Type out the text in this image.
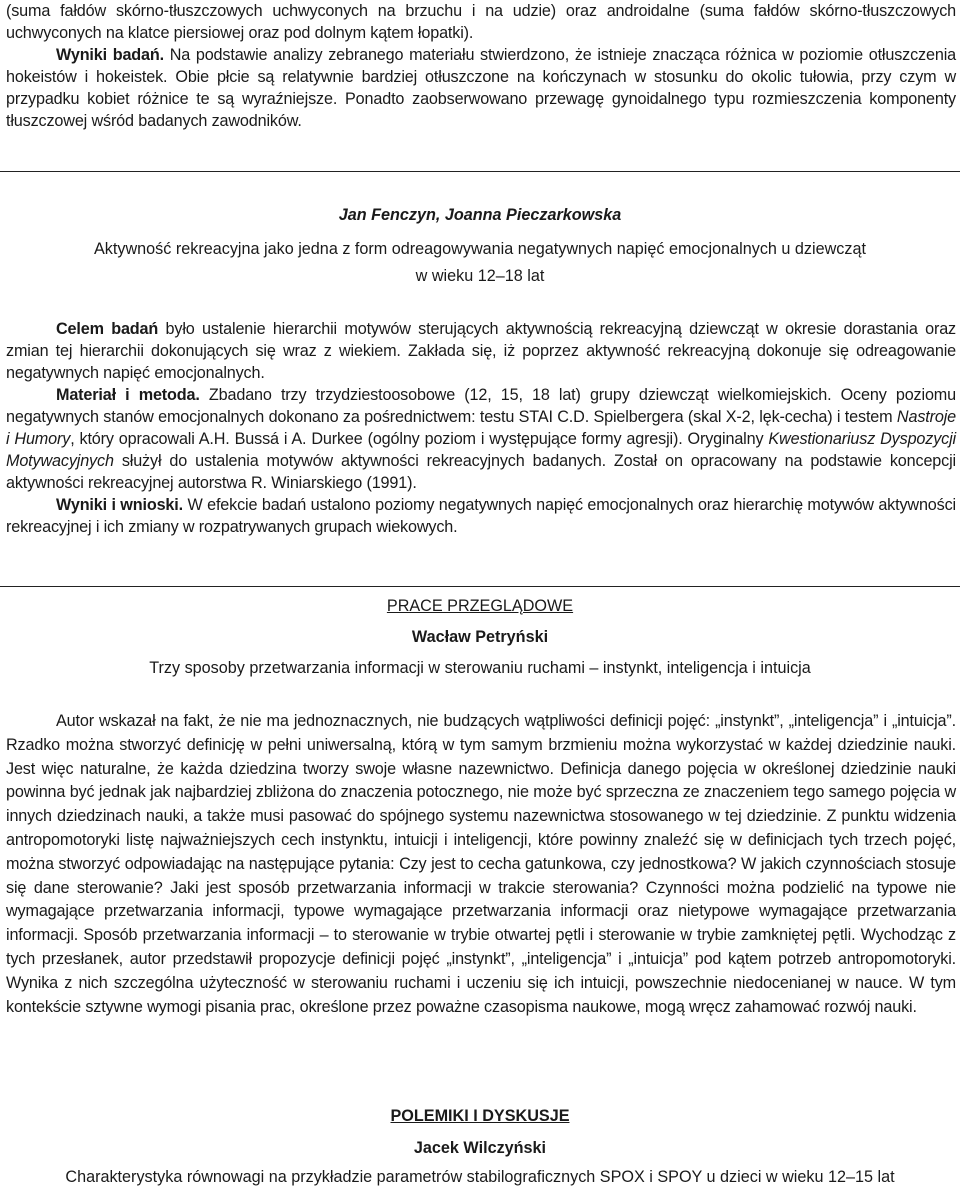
(suma fałdów skórno-tłuszczowych uchwyconych na brzuchu i na udzie) oraz androidalne (suma fałdów skórno-tłuszczowych uchwyconych na klatce piersiowej oraz pod dolnym kątem łopatki).
Wyniki badań. Na podstawie analizy zebranego materiału stwierdzono, że istnieje znacząca różnica w poziomie otłuszczenia hokeistów i hokeistek. Obie płcie są relatywnie bardziej otłuszczone na kończynach w stosunku do okolic tułowia, przy czym w przypadku kobiet różnice te są wyraźniejsze. Ponadto zaobserwowano przewagę gynoidalnego typu rozmieszczenia komponenty tłuszczowej wśród badanych zawodników.
Jan Fenczyn, Joanna Pieczarkowska
Aktywność rekreacyjna jako jedna z form odreagowywania negatywnych napięć emocjonalnych u dziewcząt
w wieku 12–18 lat
Celem badań było ustalenie hierarchii motywów sterujących aktywnością rekreacyjną dziewcząt w okresie dorastania oraz zmian tej hierarchii dokonujących się wraz z wiekiem. Zakłada się, iż poprzez aktywność rekreacyjną dokonuje się odreagowanie negatywnych napięć emocjonalnych.
Materiał i metoda. Zbadano trzy trzydziestoosobowe (12, 15, 18 lat) grupy dziewcząt wielkomiejskich. Oceny poziomu negatywnych stanów emocjonalnych dokonano za pośrednictwem: testu STAI C.D. Spielbergera (skal X-2, lęk-cecha) i testem Nastroje i Humory, który opracowali A.H. Bussá i A. Durkee (ogólny poziom i występujące formy agresji). Oryginalny Kwestionariusz Dyspozycji Motywacyjnych służył do ustalenia motywów aktywności rekreacyjnych badanych. Został on opracowany na podstawie koncepcji aktywności rekreacyjnej autorstwa R. Winiarskiego (1991).
Wyniki i wnioski. W efekcie badań ustalono poziomy negatywnych napięć emocjonalnych oraz hierarchię motywów aktywności rekreacyjnej i ich zmiany w rozpatrywanych grupach wiekowych.
PRACE PRZEGLĄDOWE
Wacław Petryński
Trzy sposoby przetwarzania informacji w sterowaniu ruchami – instynkt, inteligencja i intuicja
Autor wskazał na fakt, że nie ma jednoznacznych, nie budzących wątpliwości definicji pojęć: „instynkt”, „inteligencja” i „intuicja”. Rzadko można stworzyć definicję w pełni uniwersalną, którą w tym samym brzmieniu można wykorzystać w każdej dziedzinie nauki. Jest więc naturalne, że każda dziedzina tworzy swoje własne nazewnictwo. Definicja danego pojęcia w określonej dziedzinie nauki powinna być jednak jak najbardziej zbliżona do znaczenia potocznego, nie może być sprzeczna ze znaczeniem tego samego pojęcia w innych dziedzinach nauki, a także musi pasować do spójnego systemu nazewnictwa stosowanego w tej dziedzinie. Z punktu widzenia antropomotoryki listę najważniejszych cech instynktu, intuicji i inteligencji, które powinny znaleźć się w definicjach tych trzech pojęć, można stworzyć odpowiadając na następujące pytania: Czy jest to cecha gatunkowa, czy jednostkowa? W jakich czynnościach stosuje się dane sterowanie? Jaki jest sposób przetwarzania informacji w trakcie sterowania? Czynności można podzielić na typowe nie wymagające przetwarzania informacji, typowe wymagające przetwarzania informacji oraz nietypowe wymagające przetwarzania informacji. Sposób przetwarzania informacji – to sterowanie w trybie otwartej pętli i sterowanie w trybie zamkniętej pętli. Wychodząc z tych przesłanek, autor przedstawił propozycje definicji pojęć „instynkt”, „inteligencja” i „intuicja” pod kątem potrzeb antropomotoryki. Wynika z nich szczególna użyteczność w sterowaniu ruchami i uczeniu się ich intuicji, powszechnie niedocenianej w nauce. W tym kontekście sztywne wymogi pisania prac, określone przez poważne czasopisma naukowe, mogą wręcz zahamować rozwój nauki.
POLEMIKI I DYSKUSJE
Jacek Wilczyński
Charakterystyka równowagi na przykładzie parametrów stabilograficznych SPOX i SPOY u dzieci w wieku 12–15 lat
